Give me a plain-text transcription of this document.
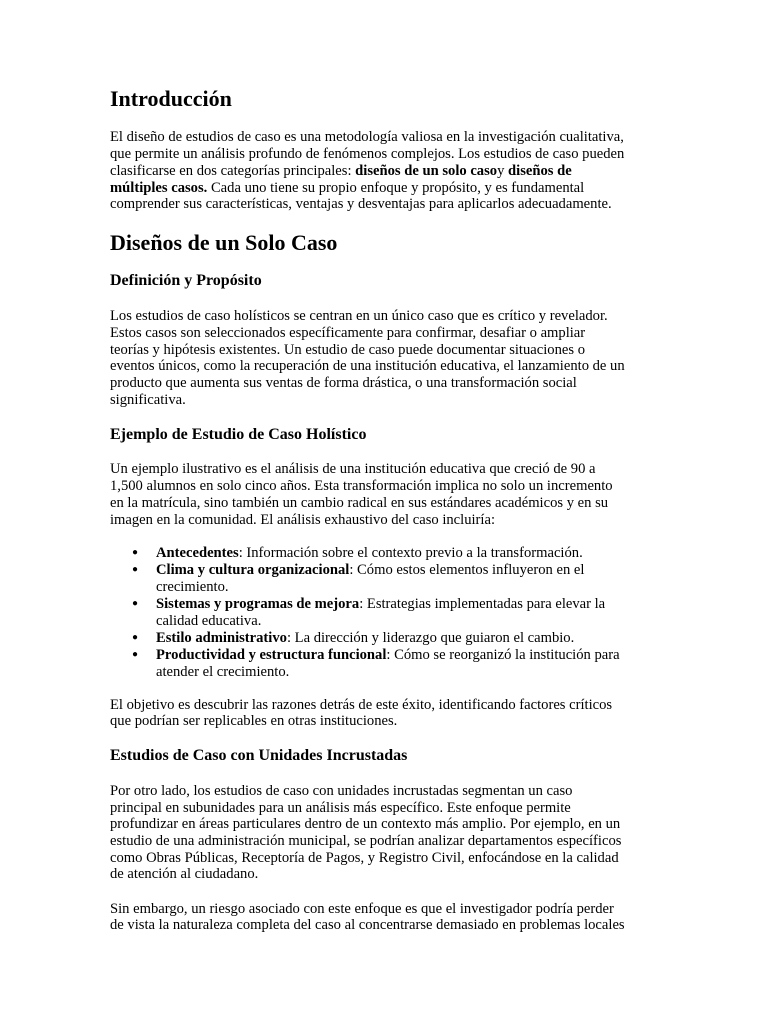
Introducción

El diseño de estudios de caso es una metodología valiosa en la investigación cualitativa,

que permite un análisis profundo de fenómenos complejos. Los estudios de caso pueden

clasificarse en dos categorías principales: diseños de un solo casoy diseños de

múltiples casos. Cada uno tiene su propio enfoque y propósito, y es fundamental

comprender sus características, ventajas y desventajas para aplicarlos adecuadamente.

Diseños de un Solo Caso
Definición y Propósito

Los estudios de caso holísticos se centran en un único caso que es crítico y revelador.

Estos casos son seleccionados específicamente para confirmar, desafiar o ampliar

teorías y hipótesis existentes. Un estudio de caso puede documentar situaciones o

eventos únicos, como la recuperación de una institución educativa, el lanzamiento de un

producto que aumenta sus ventas de forma drástica, o una transformación social

significativa.

Ejemplo de Estudio de Caso Holístico

Un ejemplo ilustrativo es el análisis de una institución educativa que creció de 90 a

1,500 alumnos en solo cinco años. Esta transformación implica no solo un incremento

en la matrícula, sino también un cambio radical en sus estándares académicos y en su

imagen en la comunidad. El análisis exhaustivo del caso incluiría:

● Antecedentes: Información sobre el contexto previo a la transformación.
● Clima y cultura organizacional: Cómo estos elementos influyeron en el
crecimiento.
● Sistemas y programas de mejora: Estrategias implementadas para elevar la
calidad educativa.
● Estilo administrativo: La dirección y liderazgo que guiaron el cambio.
● Productividad y estructura funcional: Cómo se reorganizó la institución para
atender el crecimiento.

El objetivo es descubrir las razones detrás de este éxito, identificando factores críticos

que podrían ser replicables en otras instituciones.

Estudios de Caso con Unidades Incrustadas

Por otro lado, los estudios de caso con unidades incrustadas segmentan un caso

principal en subunidades para un análisis más específico. Este enfoque permite

profundizar en áreas particulares dentro de un contexto más amplio. Por ejemplo, en un

estudio de una administración municipal, se podrían analizar departamentos específicos

como Obras Públicas, Receptoría de Pagos, y Registro Civil, enfocándose en la calidad

de atención al ciudadano.

Sin embargo, un riesgo asociado con este enfoque es que el investigador podría perder

de vista la naturaleza completa del caso al concentrarse demasiado en problemas locales
